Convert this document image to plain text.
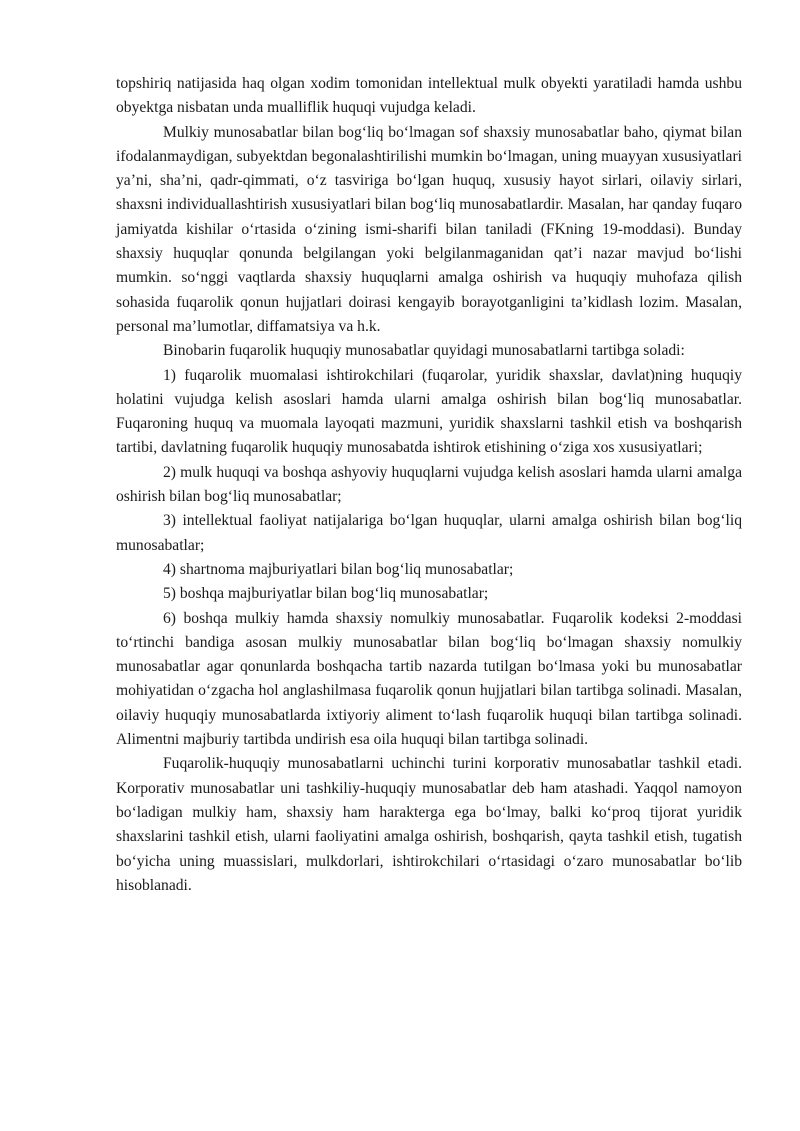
topshiriq natijasida haq olgan xodim tomonidan intellektual mulk obyekti yaratiladi hamda ushbu obyektga nisbatan unda mualliflik huquqi vujudga keladi.

Mulkiy munosabatlar bilan bog‘liq bo‘lmagan sof shaxsiy munosabatlar baho, qiymat bilan ifodalanmaydigan, subyektdan begonalashtirilishi mumkin bo‘lmagan, uning muayyan xususiyatlari ya’ni, sha’ni, qadr-qimmati, o‘z tasviriga bo‘lgan huquq, xususiy hayot sirlari, oilaviy sirlari, shaxsni individuallashtirish xususiyatlari bilan bog‘liq munosabatlardir. Masalan, har qanday fuqaro jamiyatda kishilar o‘rtasida o‘zining ismi-sharifi bilan taniladi (FKning 19-moddasi). Bunday shaxsiy huquqlar qonunda belgilangan yoki belgilanmaganidan qat’i nazar mavjud bo‘lishi mumkin. so‘nggi vaqtlarda shaxsiy huquqlarni amalga oshirish va huquqiy muhofaza qilish sohasida fuqarolik qonun hujjatlari doirasi kengayib borayotganligini ta’kidlash lozim. Masalan, personal ma’lumotlar, diffamatsiya va h.k.

Binobarin fuqarolik huquqiy munosabatlar quyidagi munosabatlarni tartibga soladi:

1) fuqarolik muomalasi ishtirokchilari (fuqarolar, yuridik shaxslar, davlat)ning huquqiy holatini vujudga kelish asoslari hamda ularni amalga oshirish bilan bog‘liq munosabatlar. Fuqaroning huquq va muomala layoqati mazmuni, yuridik shaxslarni tashkil etish va boshqarish tartibi, davlatning fuqarolik huquqiy munosabatda ishtirok etishining o‘ziga xos xususiyatlari;

2) mulk huquqi va boshqa ashyoviy huquqlarni vujudga kelish asoslari hamda ularni amalga oshirish bilan bog‘liq munosabatlar;

3) intellektual faoliyat natijalariga bo‘lgan huquqlar, ularni amalga oshirish bilan bog‘liq munosabatlar;

4) shartnoma majburiyatlari bilan bog‘liq munosabatlar;

5) boshqa majburiyatlar bilan bog‘liq munosabatlar;

6) boshqa mulkiy hamda shaxsiy nomulkiy munosabatlar. Fuqarolik kodeksi 2-moddasi to‘rtinchi bandiga asosan mulkiy munosabatlar bilan bog‘liq bo‘lmagan shaxsiy nomulkiy munosabatlar agar qonunlarda boshqacha tartib nazarda tutilgan bo‘lmasa yoki bu munosabatlar mohiyatidan o‘zgacha hol anglashilmasa fuqarolik qonun hujjatlari bilan tartibga solinadi. Masalan, oilaviy huquqiy munosabatlarda ixtiyoriy aliment to‘lash fuqarolik huquqi bilan tartibga solinadi. Alimentni majburiy tartibda undirish esa oila huquqi bilan tartibga solinadi.

Fuqarolik-huquqiy munosabatlarni uchinchi turini korporativ munosabatlar tashkil etadi. Korporativ munosabatlar uni tashkiliy-huquqiy munosabatlar deb ham atashadi. Yaqqol namoyon bo‘ladigan mulkiy ham, shaxsiy ham harakterga ega bo‘lmay, balki ko‘proq tijorat yuridik shaxslarini tashkil etish, ularni faoliyatini amalga oshirish, boshqarish, qayta tashkil etish, tugatish bo‘yicha uning muassislari, mulkdorlari, ishtirokchilari o‘rtasidagi o‘zaro munosabatlar bo‘lib hisoblanadi.
